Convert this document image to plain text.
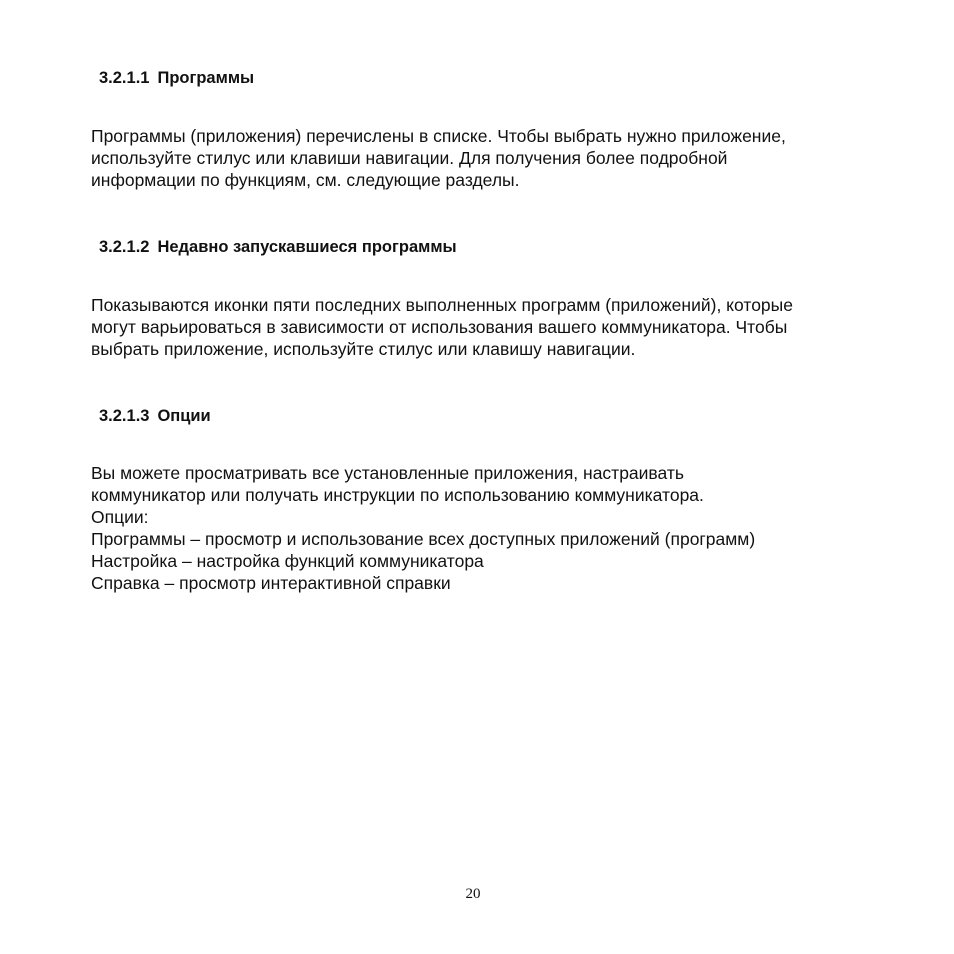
3.2.1.1 Программы
Программы (приложения) перечислены в списке. Чтобы выбрать нужно приложение,
используйте стилус или клавиши навигации. Для получения более подробной
информации по функциям, см. следующие разделы.
3.2.1.2 Недавно запускавшиеся программы
Показываются иконки пяти последних выполненных программ (приложений), которые
могут варьироваться в зависимости от использования вашего коммуникатора. Чтобы
выбрать приложение, используйте стилус или клавишу навигации.
3.2.1.3 Опции
Вы можете просматривать все установленные приложения, настраивать
коммуникатор или получать инструкции по использованию коммуникатора.
Опции:
Программы – просмотр и использование всех доступных приложений (программ)
Настройка – настройка функций коммуникатора
Справка – просмотр интерактивной справки
20
